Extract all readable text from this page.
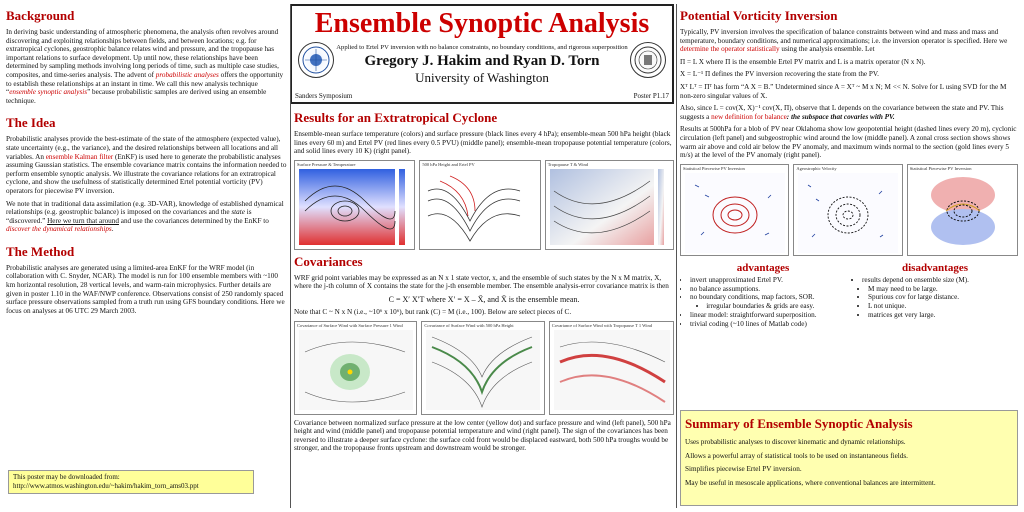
Background

In deriving basic understanding of atmospheric phenomena, the analysis often revolves around discovering and exploiting relationships between fields, and between locations; e.g. for extratropical cyclones, geostrophic balance relates wind and pressure, and the tropopause has important relations to surface development. Up until now, these relationships have been determined by sampling methods involving long periods of time, such as multiple case studies, composites, and time-series analysis. The advent of probabilistic analyses offers the opportunity to establish these relationships at an instant in time. We call this new analysis technique “ensemble synoptic analysis” because probabilistic samples are derived using an ensemble technique.

The Idea

Probabilistic analyses provide the best-estimate of the state of the atmosphere (expected value), state uncertainty (e.g., the variance), and the desired relationships between all locations and all variables. An ensemble Kalman filter (EnKF) is used here to generate the probabilistic analyses assuming Gaussian statistics. The ensemble covariance matrix contains the information needed to perform ensemble synoptic analysis. We illustrate the covariance relations for an extratropical cyclone, and show the usefulness of statistically determined Ertel potential vorticity (PV) operators for piecewise PV inversion.

We note that in traditional data assimilation (e.g. 3D-VAR), knowledge of established dynamical relationships (e.g. geostrophic balance) is imposed on the covariances and the state is “discovered.” Here we turn that around and use the covariances determined by the EnKF to discover the dynamical relationships.

The Method

Probabilistic analyses are generated using a limited-area EnKF for the WRF model (in collaboration with C. Snyder, NCAR). The model is run for 100 ensemble members with ~100 km horizontal resolution, 28 vertical levels, and warm-rain microphysics. Further details are given in poster 1.10 in the WAF/NWP conference. Observations consist of 250 randomly spaced surface pressure observations sampled from a truth run using GFS boundary conditions. Here we focus on analyses at 06 UTC 29 March 2003.

This poster may be downloaded from:
http://www.atmos.washington.edu/~hakim/hakim_torn_ams03.ppt
Ensemble Synoptic Analysis
Applied to Ertel PV inversion with no balance constraints, no boundary conditions, and rigorous superposition
Gregory J. Hakim and Ryan D. Torn
University of Washington
Sanders Symposium	Poster P1.17
Results for an Extratropical Cyclone

Ensemble-mean surface temperature (colors) and surface pressure (black lines every 4 hPa); ensemble-mean 500 hPa height (black lines every 60 m) and Ertel PV (red lines every 0.5 PVU) (middle panel); ensemble-mean tropopause potential temperature (colors, and solid lines every 10 K) (right panel).

Surface Pressure & Temperature	500 hPa Height and Ertel PV	Tropopause T & Wind
Covariances

WRF grid point variables may be expressed as an N x 1 state vector, x, and the ensemble of such states by the N x M matrix, X, where the j-th column of X contains the state for the j-th ensemble member. The ensemble analysis-error covariance matrix is then

C = X′ X′T where X′ = X – X̄, and X̄ is the ensemble mean.

Note that C ~ N x N (i.e., ~10⁶ x 10⁶), but rank (C) = M (i.e., 100). Below are select pieces of C.

Covariance of Surface Wind with Surface Pressure 1 Wind	Covariance of Surface Wind with 500 hPa Height	Covariance of Surface Wind with Tropopause T 1 Wind

Covariance between normalized surface pressure at the low center (yellow dot) and surface pressure and wind (left panel), 500 hPa height and wind (middle panel) and tropopause potential temperature and wind (right panel). The sign of the covariances has been reversed to illustrate a deeper surface cyclone: the surface cold front would be displaced eastward, both 500 hPa troughs would be stronger, and the tropopause fronts upstream and downstream would be stronger.

Potential Vorticity Inversion

Typically, PV inversion involves the specification of balance constraints between wind and mass and mass and temperature, boundary conditions, and numerical approximations; i.e. the inversion operator is specified. Here we determine the operator statistically using the analysis ensemble. Let

Π = L X where Π is the ensemble Ertel PV matrix and L is a matrix operator (N x N).

X = L⁻¹ Π defines the PV inversion recovering the state from the PV.

Xᵀ Lᵀ = Πᵀ has form “A X = B.” Undetermined since A = Xᵀ ~ M x N; M << N. Solve for L using SVD for the M non-zero singular values of X.

Also, since L = cov(X, X)⁻¹ cov(X, Π), observe that L depends on the covariance between the state and PV. This suggests a new definition for balance: the subspace that covaries with PV.

Results at 500hPa for a blob of PV near Oklahoma show low geopotential height (dashed lines every 20 m), cyclonic circulation (left panel) and subgeostrophic wind around the low (middle panel). A zonal cross section shows shows warm air above and cold air below the PV anomaly, and maximum winds normal to the section (gold lines every 5 m/s) at the level of the PV anomaly (right panel).

Statistical Piecewise PV Inversion	Ageostrophic Velocity	Statistical Piecewise PV Inversion
advantages
• invert unapproximated Ertel PV.
• no balance assumptions.
• no boundary conditions, map factors, SOR.
• irregular boundaries & grids are easy.
• linear model: straightforward superposition.
• trivial coding (~10 lines of Matlab code)
disadvantages
• results depend on ensemble size (M).
• M may need to be large.
• Spurious cov for large distance.
• L not unique.
• matrices get very large.
Summary of Ensemble Synoptic Analysis

Uses probabilistic analyses to discover kinematic and dynamic relationships.

Allows a powerful array of statistical tools to be used on instantaneous fields.

Simplifies piecewise Ertel PV inversion.

May be useful in mesoscale applications, where conventional balances are intermittent.
